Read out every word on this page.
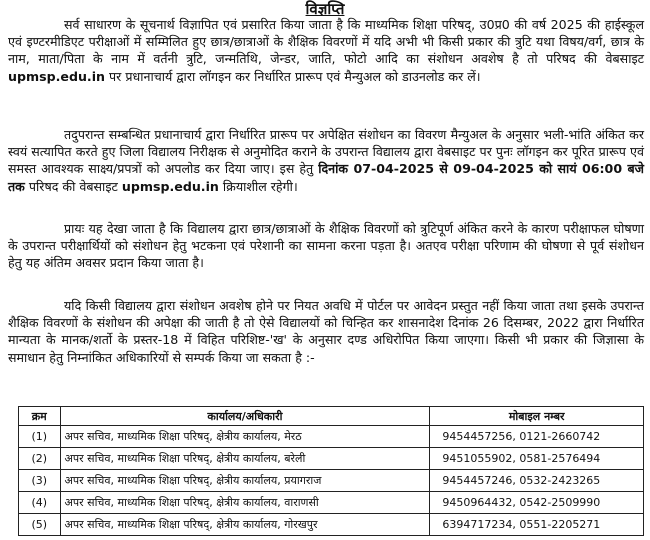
विज्ञप्ति

सर्व साधारण के सूचनार्थ विज्ञापित एवं प्रसारित किया जाता है कि माध्यमिक शिक्षा परिषद्, उ0प्र0 की वर्ष 2025 की हाईस्कूल एवं इण्टरमीडिएट परीक्षाओं में सम्मिलित हुए छात्र/छात्राओं के शैक्षिक विवरणों में यदि अभी भी किसी प्रकार की त्रुटि यथा विषय/वर्ग, छात्र के नाम, माता/पिता के नाम में वर्तनी त्रुटि, जन्मतिथि, जेन्डर, जाति, फोटो आदि का संशोधन अवशेष है तो परिषद की वेबसाइट upmsp.edu.in पर प्रधानाचार्य द्वारा लॉगइन कर निर्धारित प्रारूप एवं मैन्युअल को डाउनलोड कर लें।

तदुपरान्त सम्बन्धित प्रधानाचार्य द्वारा निर्धारित प्रारूप पर अपेक्षित संशोधन का विवरण मैन्युअल के अनुसार भली-भांति अंकित कर स्वयं सत्यापित करते हुए जिला विद्यालय निरीक्षक से अनुमोदित कराने के उपरान्त विद्यालय द्वारा वेबसाइट पर पुनः लॉगइन कर पूरित प्रारूप एवं समस्त आवश्यक साक्ष्य/प्रपत्रों को अपलोड कर दिया जाए। इस हेतु दिनांक 07-04-2025 से 09-04-2025 को सायं 06:00 बजे तक परिषद की वेबसाइट upmsp.edu.in क्रियाशील रहेगी।

प्रायः यह देखा जाता है कि विद्यालय द्वारा छात्र/छात्राओं के शैक्षिक विवरणों को त्रुटिपूर्ण अंकित करने के कारण परीक्षाफल घोषणा के उपरान्त परीक्षार्थियों को संशोधन हेतु भटकना एवं परेशानी का सामना करना पड़ता है। अतएव परीक्षा परिणाम की घोषणा से पूर्व संशोधन हेतु यह अंतिम अवसर प्रदान किया जाता है।

यदि किसी विद्यालय द्वारा संशोधन अवशेष होने पर नियत अवधि में पोर्टल पर आवेदन प्रस्तुत नहीं किया जाता तथा इसके उपरान्त शैक्षिक विवरणों के संशोधन की अपेक्षा की जाती है तो ऐसे विद्यालयों को चिन्हित कर शासनादेश दिनांक 26 दिसम्बर, 2022 द्वारा निर्धारित मान्यता के मानक/शर्तो के प्रस्तर-18 में विहित परिशिष्ट-'ख' के अनुसार दण्ड अधिरोपित किया जाएगा। किसी भी प्रकार की जिज्ञासा के समाधान हेतु निम्नांकित अधिकारियों से सम्पर्क किया जा सकता है :-

क्रम	कार्यालय/अधिकारी	मोबाइल नम्बर
(1)	अपर सचिव, माध्यमिक शिक्षा परिषद्, क्षेत्रीय कार्यालय, मेरठ	9454457256, 0121-2660742
(2)	अपर सचिव, माध्यमिक शिक्षा परिषद्, क्षेत्रीय कार्यालय, बरेली	9451055902, 0581-2576494
(3)	अपर सचिव, माध्यमिक शिक्षा परिषद्, क्षेत्रीय कार्यालय, प्रयागराज	9454457246, 0532-2423265
(4)	अपर सचिव, माध्यमिक शिक्षा परिषद्, क्षेत्रीय कार्यालय, वाराणसी	9450964432, 0542-2509990
(5)	अपर सचिव, माध्यमिक शिक्षा परिषद्, क्षेत्रीय कार्यालय, गोरखपुर	6394717234, 0551-2205271
